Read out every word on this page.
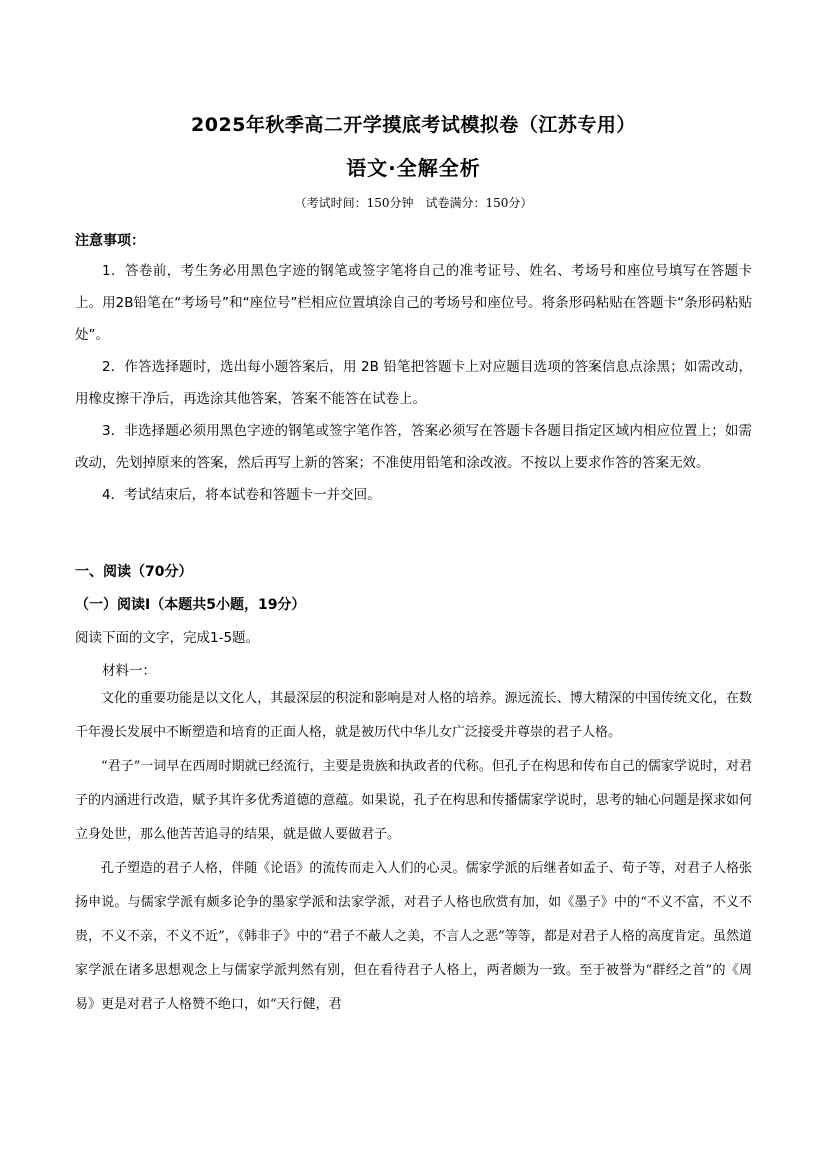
2025年秋季高二开学摸底考试模拟卷（江苏专用）
语文·全解全析
（考试时间：150分钟　试卷满分：150分）
注意事项：
1．答卷前，考生务必用黑色字迹的钢笔或签字笔将自己的准考证号、姓名、考场号和座位号填写在答题卡上。用2B铅笔在“考场号”和“座位号”栏相应位置填涂自己的考场号和座位号。将条形码粘贴在答题卡“条形码粘贴处”。
2．作答选择题时，选出每小题答案后，用 2B 铅笔把答题卡上对应题目选项的答案信息点涂黑；如需改动，用橡皮擦干净后，再选涂其他答案，答案不能答在试卷上。
3．非选择题必须用黑色字迹的钢笔或签字笔作答，答案必须写在答题卡各题目指定区域内相应位置上；如需改动，先划掉原来的答案，然后再写上新的答案；不准使用铅笔和涂改液。不按以上要求作答的答案无效。
4．考试结束后，将本试卷和答题卡一并交回。
一、阅读（70分）
（一）阅读Ⅰ（本题共5小题，19分）
阅读下面的文字，完成1-5题。
材料一：
文化的重要功能是以文化人，其最深层的积淀和影响是对人格的培养。源远流长、博大精深的中国传统文化，在数千年漫长发展中不断塑造和培育的正面人格，就是被历代中华儿女广泛接受并尊崇的君子人格。
“君子”一词早在西周时期就已经流行，主要是贵族和执政者的代称。但孔子在构思和传布自己的儒家学说时，对君子的内涵进行改造，赋予其许多优秀道德的意蕴。如果说，孔子在构思和传播儒家学说时，思考的轴心问题是探求如何立身处世，那么他苦苦追寻的结果，就是做人要做君子。
孔子塑造的君子人格，伴随《论语》的流传而走入人们的心灵。儒家学派的后继者如孟子、荀子等，对君子人格张扬申说。与儒家学派有颇多论争的墨家学派和法家学派，对君子人格也欣赏有加，如《墨子》中的“不义不富，不义不贵，不义不亲，不义不近”，《韩非子》中的“君子不蔽人之美，不言人之恶”等等，都是对君子人格的高度肯定。虽然道家学派在诸多思想观念上与儒家学派判然有别，但在看待君子人格上，两者颇为一致。至于被誉为“群经之首”的《周易》更是对君子人格赞不绝口，如“天行健，君
